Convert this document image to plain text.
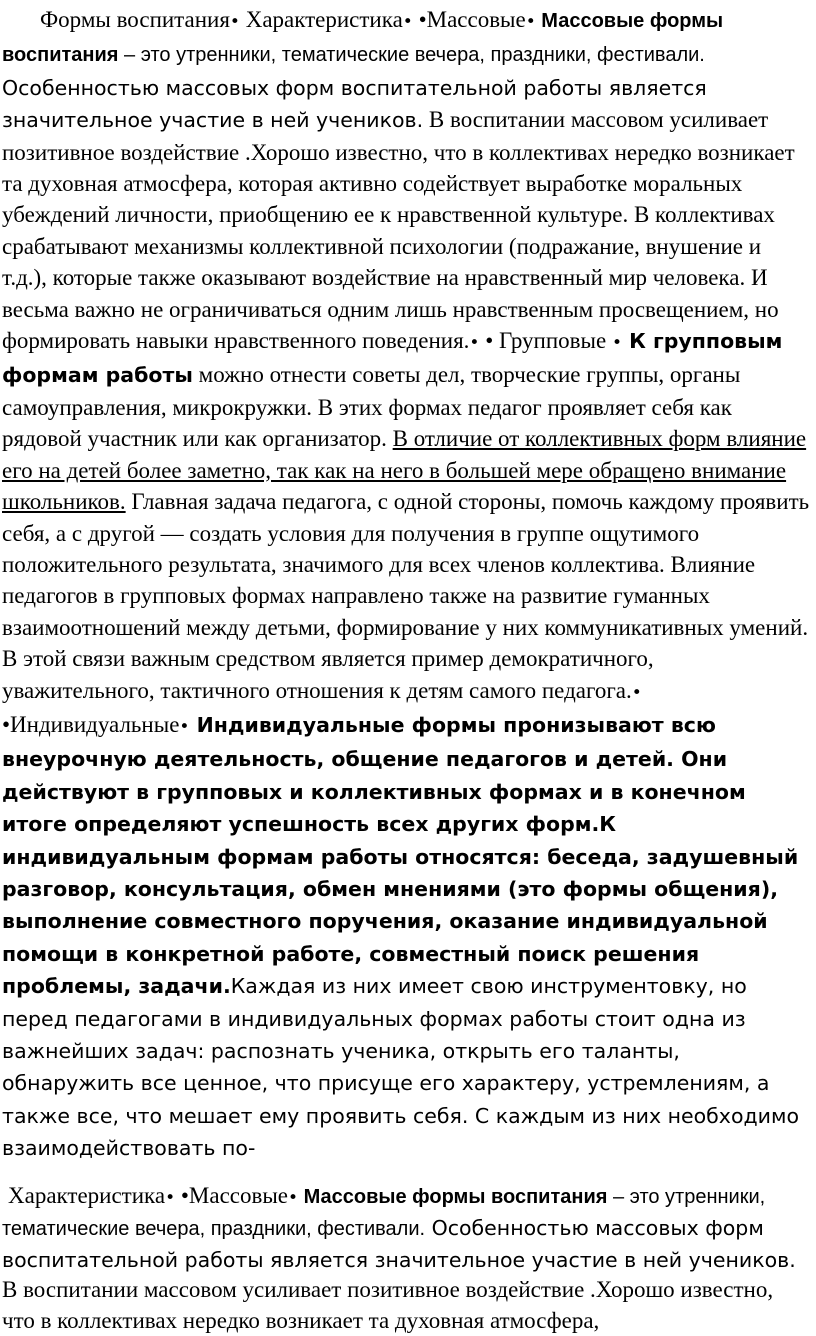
Формы воспитания• Характеристика• •Массовые• Массовые формы воспитания – это утренники, тематические вечера, праздники, фестивали. Особенностью массовых форм воспитательной работы является значительное участие в ней учеников. В воспитании массовом усиливает позитивное воздействие .Хорошо известно, что в коллективах нередко возникает та духовная атмосфера, которая активно содействует выработке моральных убеждений личности, приобщению ее к нравственной культуре. В коллективах срабатывают механизмы коллективной психологии (подражание, внушение и т.д.), которые также оказывают воздействие на нравственный мир человека. И весьма важно не ограничиваться одним лишь нравственным просвещением, но формировать навыки нравственного поведения.• • Групповые • К групповым формам работы можно отнести советы дел, творческие группы, органы самоуправления, микрокружки. В этих формах педагог проявляет себя как рядовой участник или как организатор. В отличие от коллективных форм влияние его на детей более заметно, так как на него в большей мере обращено внимание школьников. Главная задача педагога, с одной стороны, помочь каждому проявить себя, а с другой — создать условия для получения в группе ощутимого положительного результата, значимого для всех членов коллектива. Влияние педагогов в групповых формах направлено также на развитие гуманных взаимоотношений между детьми, формирование у них коммуникативных умений. В этой связи важным средством является пример демократичного, уважительного, тактичного отношения к детям самого педагога.• •Индивидуальные• Индивидуальные формы пронизывают всю внеурочную деятельность, общение педагогов и детей. Они действуют в групповых и коллективных формах и в конечном итоге определяют успешность всех других форм.К индивидуальным формам работы относятся: беседа, задушевный разговор, консультация, обмен мнениями (это формы общения), выполнение совместного поручения, оказание индивидуальной помощи в конкретной работе, совместный поиск решения проблемы, задачи.Каждая из них имеет свою инструментовку, но перед педагогами в индивидуальных формах работы стоит одна из важнейших задач: распознать ученика, открыть его таланты, обнаружить все ценное, что присуще его характеру, устремлениям, а также все, что мешает ему проявить себя. С каждым из них необходимо взаимодействовать по-

Характеристика• •Массовые• Массовые формы воспитания – это утренники, тематические вечера, праздники, фестивали. Особенностью массовых форм воспитательной работы является значительное участие в ней учеников. В воспитании массовом усиливает позитивное воздействие .Хорошо известно, что в коллективах нередко возникает та духовная атмосфера,
